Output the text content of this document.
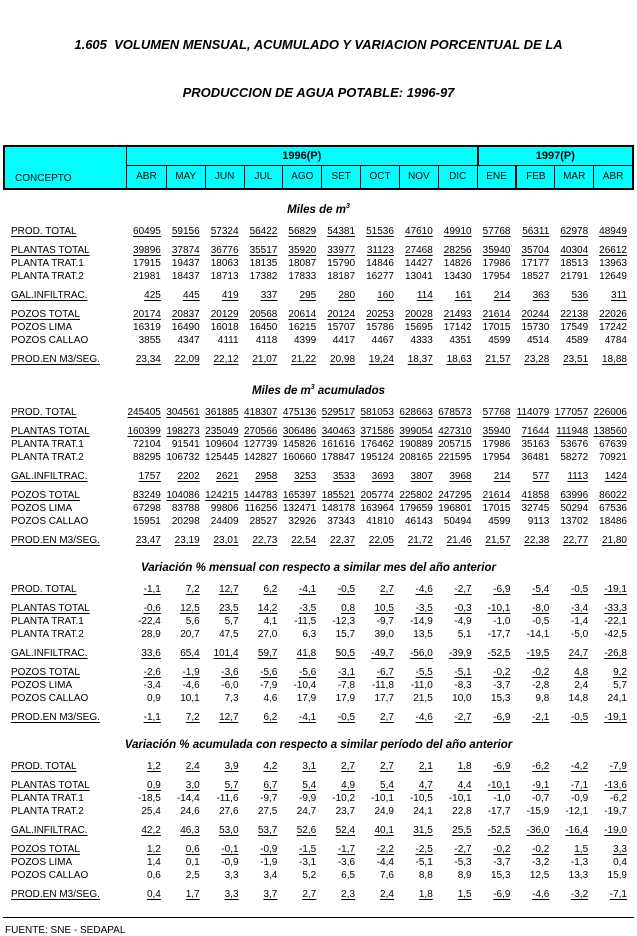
1.605  VOLUMEN MENSUAL, ACUMULADO Y VARIACION PORCENTUAL DE LA

PRODUCCION DE AGUA POTABLE: 1996-97

CONCEPTO
1996(P)	1997(P)
ABR	MAY	JUN	JUL	AGO	SET	OCT	NOV	DIC	ENE	FEB	MAR	ABR
Miles de $m^3$
PROD. TOTAL	60495	59156	57324	56422	56829	54381	51536	47610	49910	57768	56311	62978	48949
PLANTAS TOTAL	39896	37874	36776	35517	35920	33977	31123	27468	28256	35940	35704	40304	26612
PLANTA TRAT.1	17915	19437	18063	18135	18087	15790	14846	14427	14826	17986	17177	18513	13963
PLANTA TRAT.2	21981	18437	18713	17382	17833	18187	16277	13041	13430	17954	18527	21791	12649
GAL.INFILTRAC.	425	445	419	337	295	280	160	114	161	214	363	536	311
POZOS TOTAL	20174	20837	20129	20568	20614	20124	20253	20028	21493	21614	20244	22138	22026
POZOS LIMA	16319	16490	16018	16450	16215	15707	15786	15695	17142	17015	15730	17549	17242
POZOS CALLAO	3855	4347	4111	4118	4399	4417	4467	4333	4351	4599	4514	4589	4784
PROD.EN M3/SEG.	23,34	22,09	22,12	21,07	21,22	20,98	19,24	18,37	18,63	21,57	23,28	23,51	18,88
Miles de $m^3$ acumulados
PROD. TOTAL	245405 304561 361885 418307 475136 529517 581053 628663 678573	57768 114079 177057 226006
PLANTAS TOTAL	160399 198273 235049 270566 306486 340463 371586 399054 427310	35940	71644 111948 138560
PLANTA TRAT.1	72104	91541 109604 127739 145826 161616 176462 190889 205715	17986	35163	53676	67639
PLANTA TRAT.2	88295 106732 125445 142827 160660 178847 195124 208165 221595	17954	36481	58272	70921
GAL.INFILTRAC.	1757	2202	2621	2958	3253	3533	3693	3807	3968	214	577	1113	1424
POZOS TOTAL	83249 104086 124215 144783 165397 185521 205774 225802 247295	21614	41858	63996	86022
POZOS LIMA	67298	83788	99806 116256 132471 148178 163964 179659 196801	17015	32745	50294	67536
POZOS CALLAO	15951	20298	24409	28527	32926	37343	41810	46143	50494	4599	9113	13702	18486
PROD.EN M3/SEG.	23,47	23,19	23,01	22,73	22,54	22,37	22,05	21,72	21,46	21,57	22,38	22,77	21,80
Variación % mensual con respecto a similar mes del año anterior
PROD. TOTAL	-1,1	7,2	12,7	6,2	-4,1	-0,5	2,7	-4,6	-2,7	-6,9	-5,4	-0,5	-19,1
PLANTAS TOTAL	-0,6	12,5	23,5	14,2	-3,5	0,8	10,5	-3,5	-0,3	-10,1	-8,0	-3,4	-33,3
PLANTA TRAT.1	-22,4	5,6	5,7	4,1	-11,5	-12,3	-9,7	-14,9	-4,9	-1,0	-0,5	-1,4	-22,1
PLANTA TRAT.2	28,9	20,7	47,5	27,0	6,3	15,7	39,0	13,5	5,1	-17,7	-14,1	-5,0	-42,5
GAL.INFILTRAC.	33,6	65,4	101,4	59,7	41,8	50,5	-49,7	-56,0	-39,9	-52,5	-19,5	24,7	-26,8
POZOS TOTAL	-2,6	-1,9	-3,6	-5,6	-5,6	-3,1	-6,7	-5,5	-5,1	-0,2	-0,2	4,8	9,2
POZOS LIMA	-3,4	-4,6	-6,0	-7,9	-10,4	-7,8	-11,8	-11,0	-8,3	-3,7	-2,8	2,4	5,7
POZOS CALLAO	0,9	10,1	7,3	4,6	17,9	17,9	17,7	21,5	10,0	15,3	9,8	14,8	24,1
PROD.EN M3/SEG.	-1,1	7,2	12,7	6,2	-4,1	-0,5	2,7	-4,6	-2,7	-6,9	-2,1	-0,5	-19,1
Variación % acumulada con respecto a similar período del año anterior
PROD. TOTAL	1,2	2,4	3,9	4,2	3,1	2,7	2,7	2,1	1,8	-6,9	-6,2	-4,2	-7,9
PLANTAS TOTAL	0,9	3,0	5,7	6,7	5,4	4,9	5,4	4,7	4,4	-10,1	-9,1	-7,1	-13,6
PLANTA TRAT.1	-18,5	-14,4	-11,6	-9,7	-9,9	-10,2	-10,1	-10,5	-10,1	-1,0	-0,7	-0,9	-6,2
PLANTA TRAT.2	25,4	24,6	27,6	27,5	24,7	23,7	24,9	24,1	22,8	-17,7	-15,9	-12,1	-19,7
GAL.INFILTRAC.	42,2	46,3	53,0	53,7	52,6	52,4	40,1	31,5	25,5	-52,5	-36,0	-16,4	-19,0
POZOS TOTAL	1,2	0,6	-0,1	-0,9	-1,5	-1,7	-2,2	-2,5	-2,7	-0,2	-0,2	1,5	3,3
POZOS LIMA	1,4	0,1	-0,9	-1,9	-3,1	-3,6	-4,4	-5,1	-5,3	-3,7	-3,2	-1,3	0,4
POZOS CALLAO	0,6	2,5	3,3	3,4	5,2	6,5	7,6	8,8	8,9	15,3	12,5	13,3	15,9
PROD.EN M3/SEG.	0,4	1,7	3,3	3,7	2,7	2,3	2,4	1,8	1,5	-6,9	-4,6	-3,2	-7,1
FUENTE: SNE - SEDAPAL
